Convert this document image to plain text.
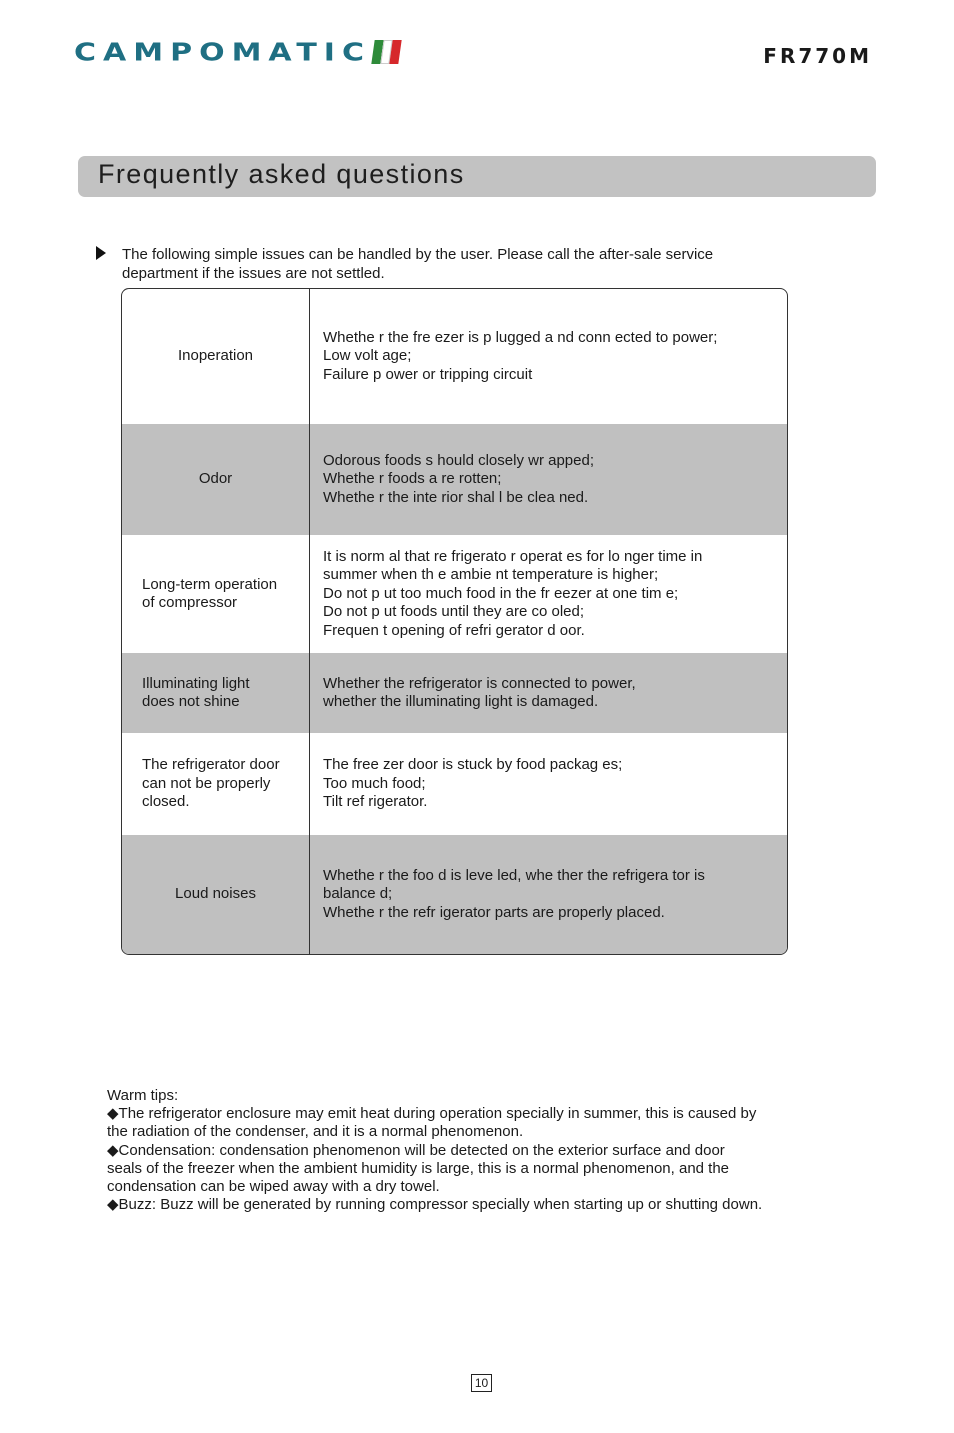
CAMPOMATIC	FR770M
Frequently asked questions
The following simple issues can be handled by the user. Please call the after-sale service
department if the issues are not settled.
Inoperation
Whethe r the fre ezer is p lugged a nd conn ected to power;
Low volt age;
Failure p ower or tripping circuit
Odor
Odorous foods s hould closely wr apped;
Whethe r foods a re rotten;
Whethe r the inte rior shal l be clea ned.
Long-term operation
of compressor
It is norm al that re frigerato r operat es for lo nger time in
summer when th e ambie nt temperature is higher;
Do not p ut too much food in the fr eezer at one tim e;
Do not p ut foods until they are co oled;
Frequen t opening of refri gerator d oor.
Illuminating light
does not shine
Whether the refrigerator is connected to power,
whether the illuminating light is damaged.
The refrigerator door
can not be properly
closed.
The free zer door is stuck by food packag es;
Too much food;
Tilt ref rigerator.
Loud noises
Whethe r the foo d is leve led, whe ther the refrigera tor is
balance d;
Whethe r the refr igerator parts are properly placed.

Warm tips:

◆The refrigerator enclosure may emit heat during operation specially in summer, this is caused by

the radiation of the condenser, and it is a normal phenomenon.

◆Condensation: condensation phenomenon will be detected on the exterior surface and door

seals of the freezer when the ambient humidity is large, this is a normal phenomenon, and the

condensation can be wiped away with a dry towel.

◆Buzz: Buzz will be generated by running compressor specially when starting up or shutting down.

10
